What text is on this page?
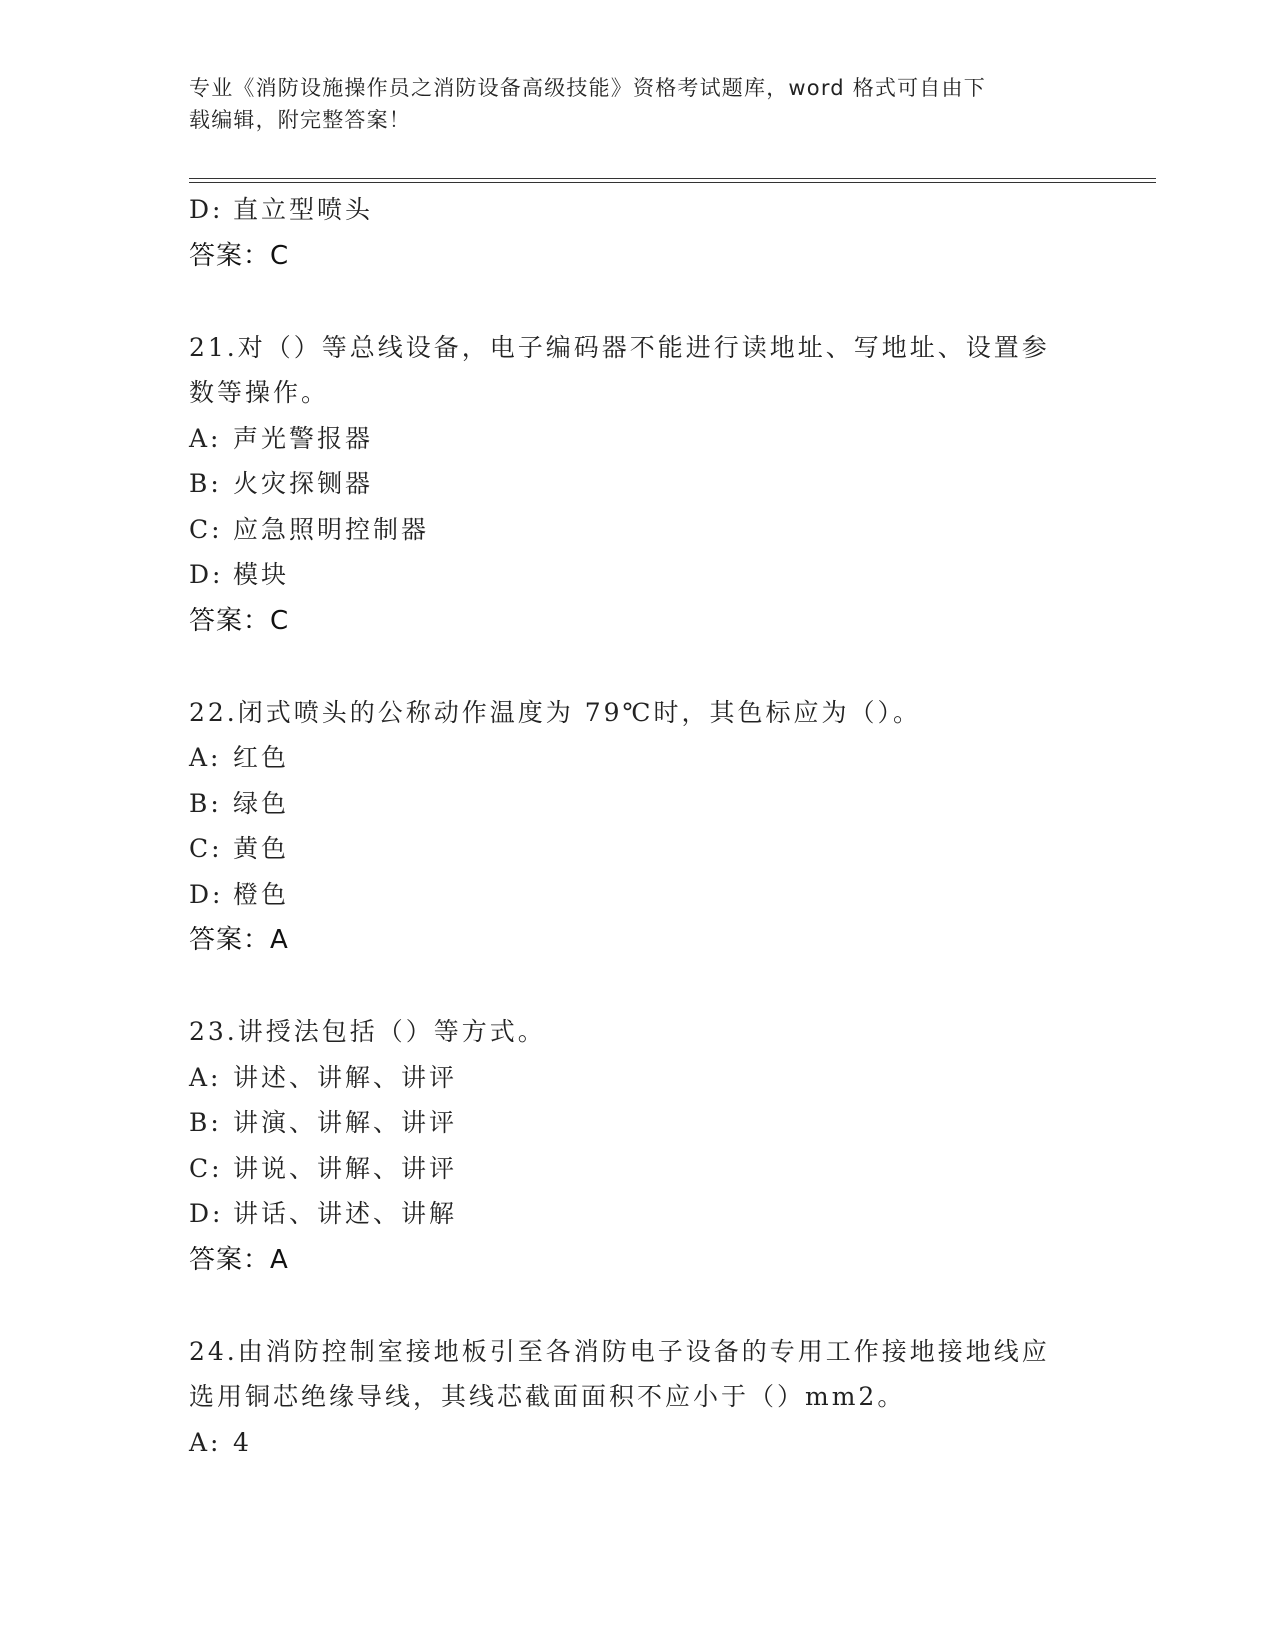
专业《消防设施操作员之消防设备高级技能》资格考试题库，word 格式可自由下
载编辑，附完整答案！
D: 直立型喷头
答案：C
21.对（）等总线设备，电子编码器不能进行读地址、写地址、设置参
数等操作。
A: 声光警报器
B: 火灾探铡器
C: 应急照明控制器
D: 模块
答案：C
22.闭式喷头的公称动作温度为 79℃时，其色标应为（）。
A: 红色
B: 绿色
C: 黄色
D: 橙色
答案：A
23.讲授法包括（）等方式。
A: 讲述、讲解、讲评
B: 讲演、讲解、讲评
C: 讲说、讲解、讲评
D: 讲话、讲述、讲解
答案：A
24.由消防控制室接地板引至各消防电子设备的专用工作接地接地线应
选用铜芯绝缘导线，其线芯截面面积不应小于（）mm2。
A: 4
